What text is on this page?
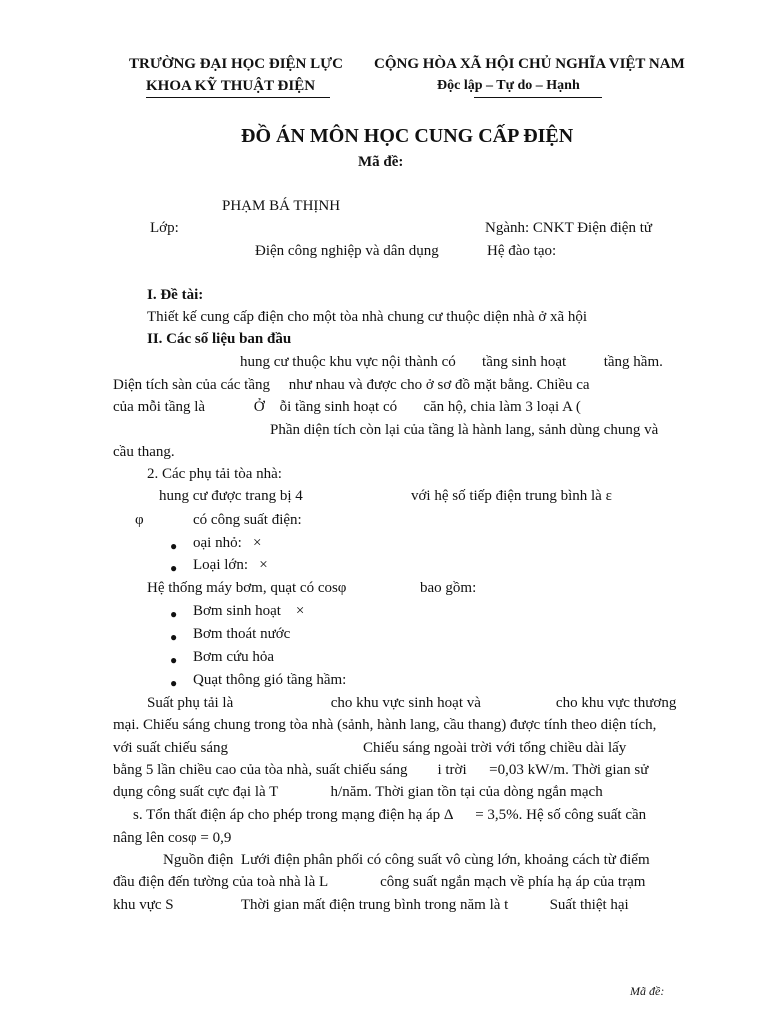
TRƯỜNG ĐẠI HỌC ĐIỆN LỰC
KHOA KỸ THUẬT ĐIỆN
CỘNG HÒA XÃ HỘI CHỦ NGHĨA VIỆT NAM
Độc lập – Tự do – Hạnh
ĐỒ ÁN MÔN HỌC CUNG CẤP ĐIỆN
Mã đề:
PHẠM BÁ THỊNH
Lớp:	Ngành: CNKT Điện điện tử
Điện công nghiệp và dân dụng	Hệ đào tạo:
I. Đề tài:
Thiết kế cung cấp điện cho một tòa nhà chung cư thuộc diện nhà ở xã hội
II. Các số liệu ban đầu
hung cư thuộc khu vực nội thành có       tầng sinh hoạt          tầng hầm.
Diện tích sàn của các tầng     như nhau và được cho ở sơ đồ mặt bằng. Chiều ca
của mỗi tầng là             Ở    ỗi tầng sinh hoạt có       căn hộ, chia làm 3 loại A (
Phần diện tích còn lại của tầng là hành lang, sảnh dùng chung và
cầu thang.
2. Các phụ tải tòa nhà:
hung cư được trang bị 4	với hệ số tiếp điện trung bình là ε
φ	có công suất điện:
● oại nhỏ:   ×
● Loại lớn:   ×
Hệ thống máy bơm, quạt có cosφ	bao gồm:
● Bơm sinh hoạt    ×
● Bơm thoát nước
● Bơm cứu hỏa
● Quạt thông gió tầng hầm:
Suất phụ tải là                          cho khu vực sinh hoạt và                    cho khu vực thương
mại. Chiếu sáng chung trong tòa nhà (sảnh, hành lang, cầu thang) được tính theo diện tích,
với suất chiếu sáng                                    Chiếu sáng ngoài trời với tổng chiều dài lấy
bằng 5 lần chiều cao của tòa nhà, suất chiếu sáng        i trời      =0,03 kW/m. Thời gian sử
dụng công suất cực đại là T              h/năm. Thời gian tồn tại của dòng ngắn mạch
s. Tổn thất điện áp cho phép trong mạng điện hạ áp Δ      = 3,5%. Hệ số công suất cần
nâng lên cosφ = 0,9
Nguồn điện  Lưới điện phân phối có công suất vô cùng lớn, khoảng cách từ điểm
đầu điện đến tường của toà nhà là L              công suất ngắn mạch về phía hạ áp của trạm
khu vực S                  Thời gian mất điện trung bình trong năm là t           Suất thiệt hại
Mã đề:
